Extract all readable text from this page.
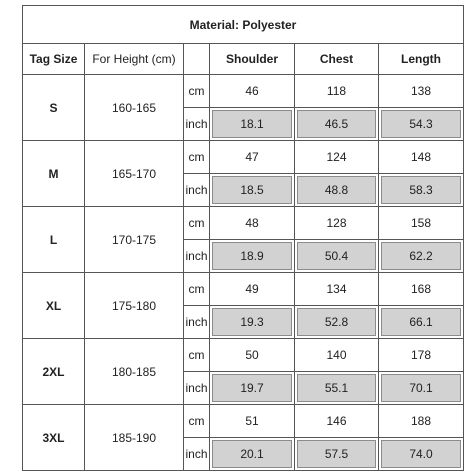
Material: Polyester					
Tag Size	For Height (cm)		Shoulder	Chest	Length
S	160-165	cm	46	118	138
		inch	18.1	46.5	54.3
M	165-170	cm	47	124	148
		inch	18.5	48.8	58.3
L	170-175	cm	48	128	158
		inch	18.9	50.4	62.2
XL	175-180	cm	49	134	168
		inch	19.3	52.8	66.1
2XL	180-185	cm	50	140	178
		inch	19.7	55.1	70.1
3XL	185-190	cm	51	146	188
		inch	20.1	57.5	74.0
